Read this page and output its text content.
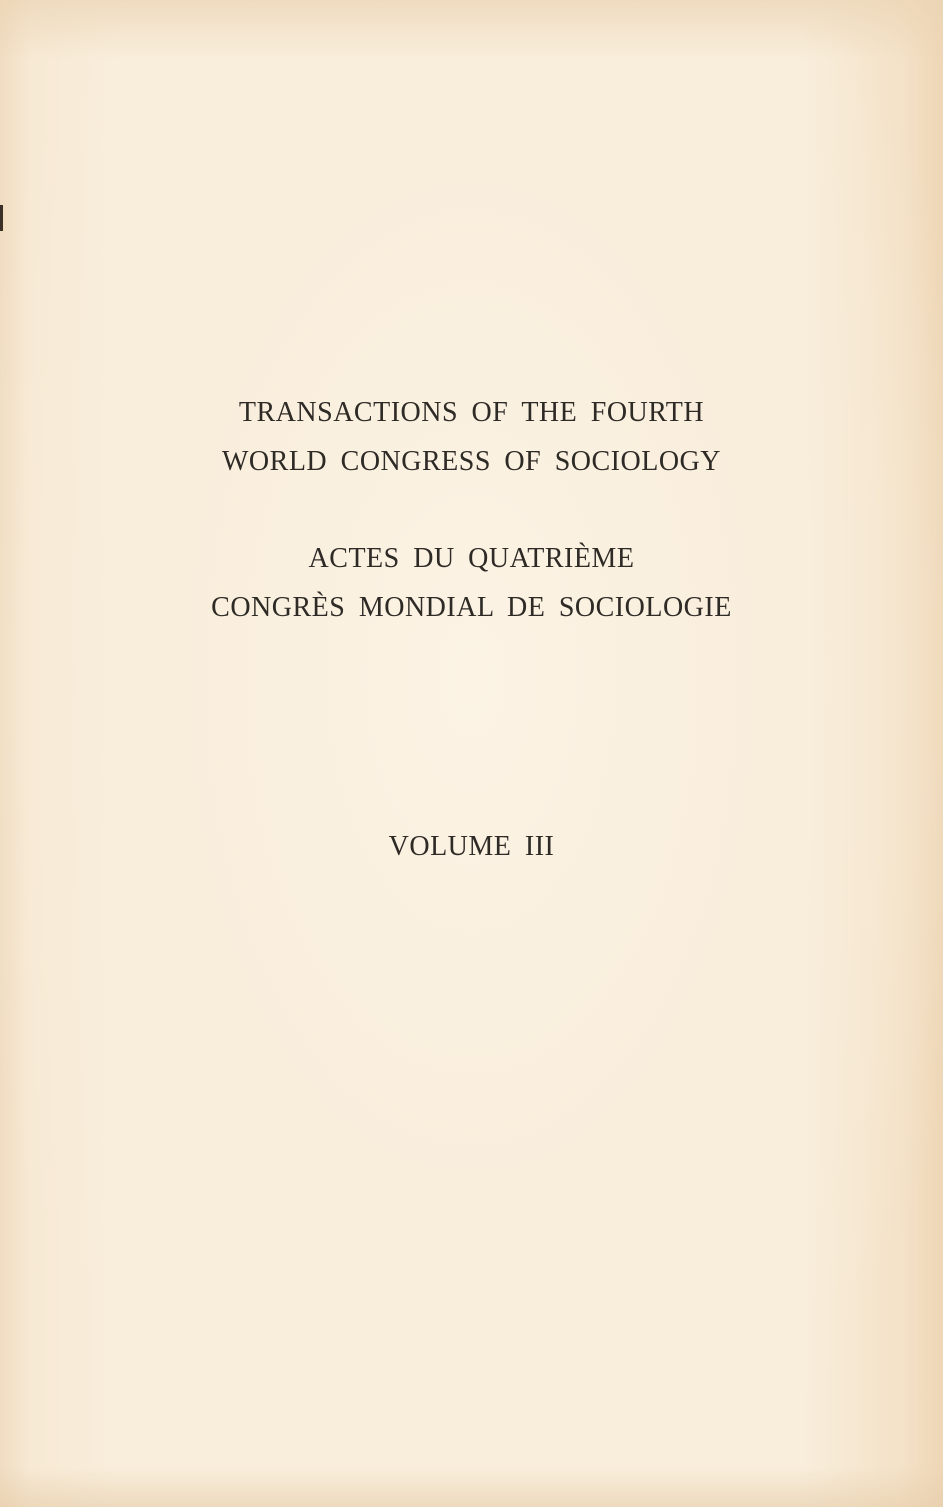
TRANSACTIONS OF THE FOURTH
WORLD CONGRESS OF SOCIOLOGY
ACTES DU QUATRIÈME
CONGRÈS MONDIAL DE SOCIOLOGIE
VOLUME III
